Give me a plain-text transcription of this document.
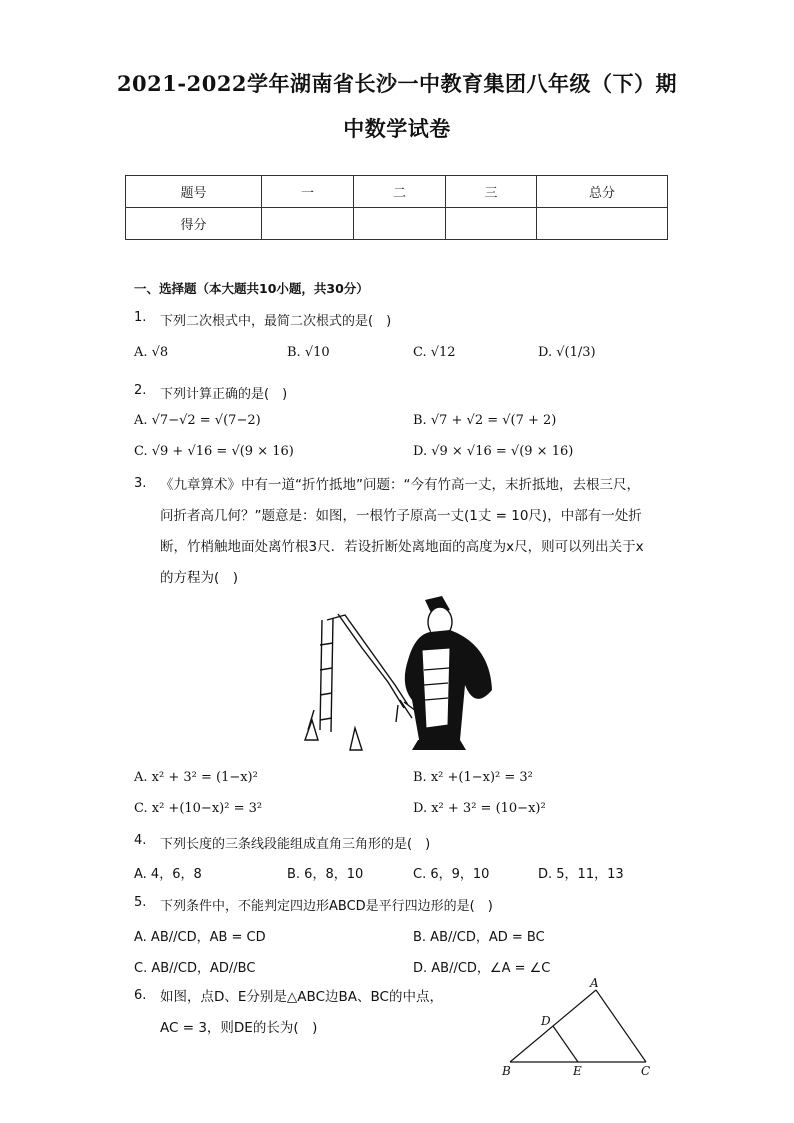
2021-2022学年湖南省长沙一中教育集团八年级（下）期
中数学试卷
题号	一	二	三	总分
得分				
一、选择题（本大题共10小题，共30分）
1. 下列二次根式中，最简二次根式的是(　)
A. √8	B. √10	C. √12	D. √(1/3)
2. 下列计算正确的是(　)
A. √7−√2 = √(7−2)	B. √7 + √2 = √(7 + 2)
C. √9 + √16 = √(9 × 16)	D. √9 × √16 = √(9 × 16)
3. 《九章算术》中有一道“折竹抵地”问题：“今有竹高一丈，末折抵地，去根三尺，
问折者高几何？”题意是：如图，一根竹子原高一丈(1丈 = 10尺)，中部有一处折
断，竹梢触地面处离竹根3尺．若设折断处离地面的高度为x尺，则可以列出关于x
的方程为(　)
A. x² + 3² = (1−x)²	B. x² +(1−x)² = 3²
C. x² +(10−x)² = 3²	D. x² + 3² = (10−x)²
4. 下列长度的三条线段能组成直角三角形的是(　)
A. 4，6，8	B. 6，8，10	C. 6，9，10	D. 5，11，13
5. 下列条件中，不能判定四边形ABCD是平行四边形的是(　)
A. AB//CD，AB = CD	B. AB//CD，AD = BC
C. AB//CD，AD//BC	D. AB//CD，∠A = ∠C
6. 如图，点D、E分别是△ABC边BA、BC的中点，
AC = 3，则DE的长为(　)
A
B	C
D
E
